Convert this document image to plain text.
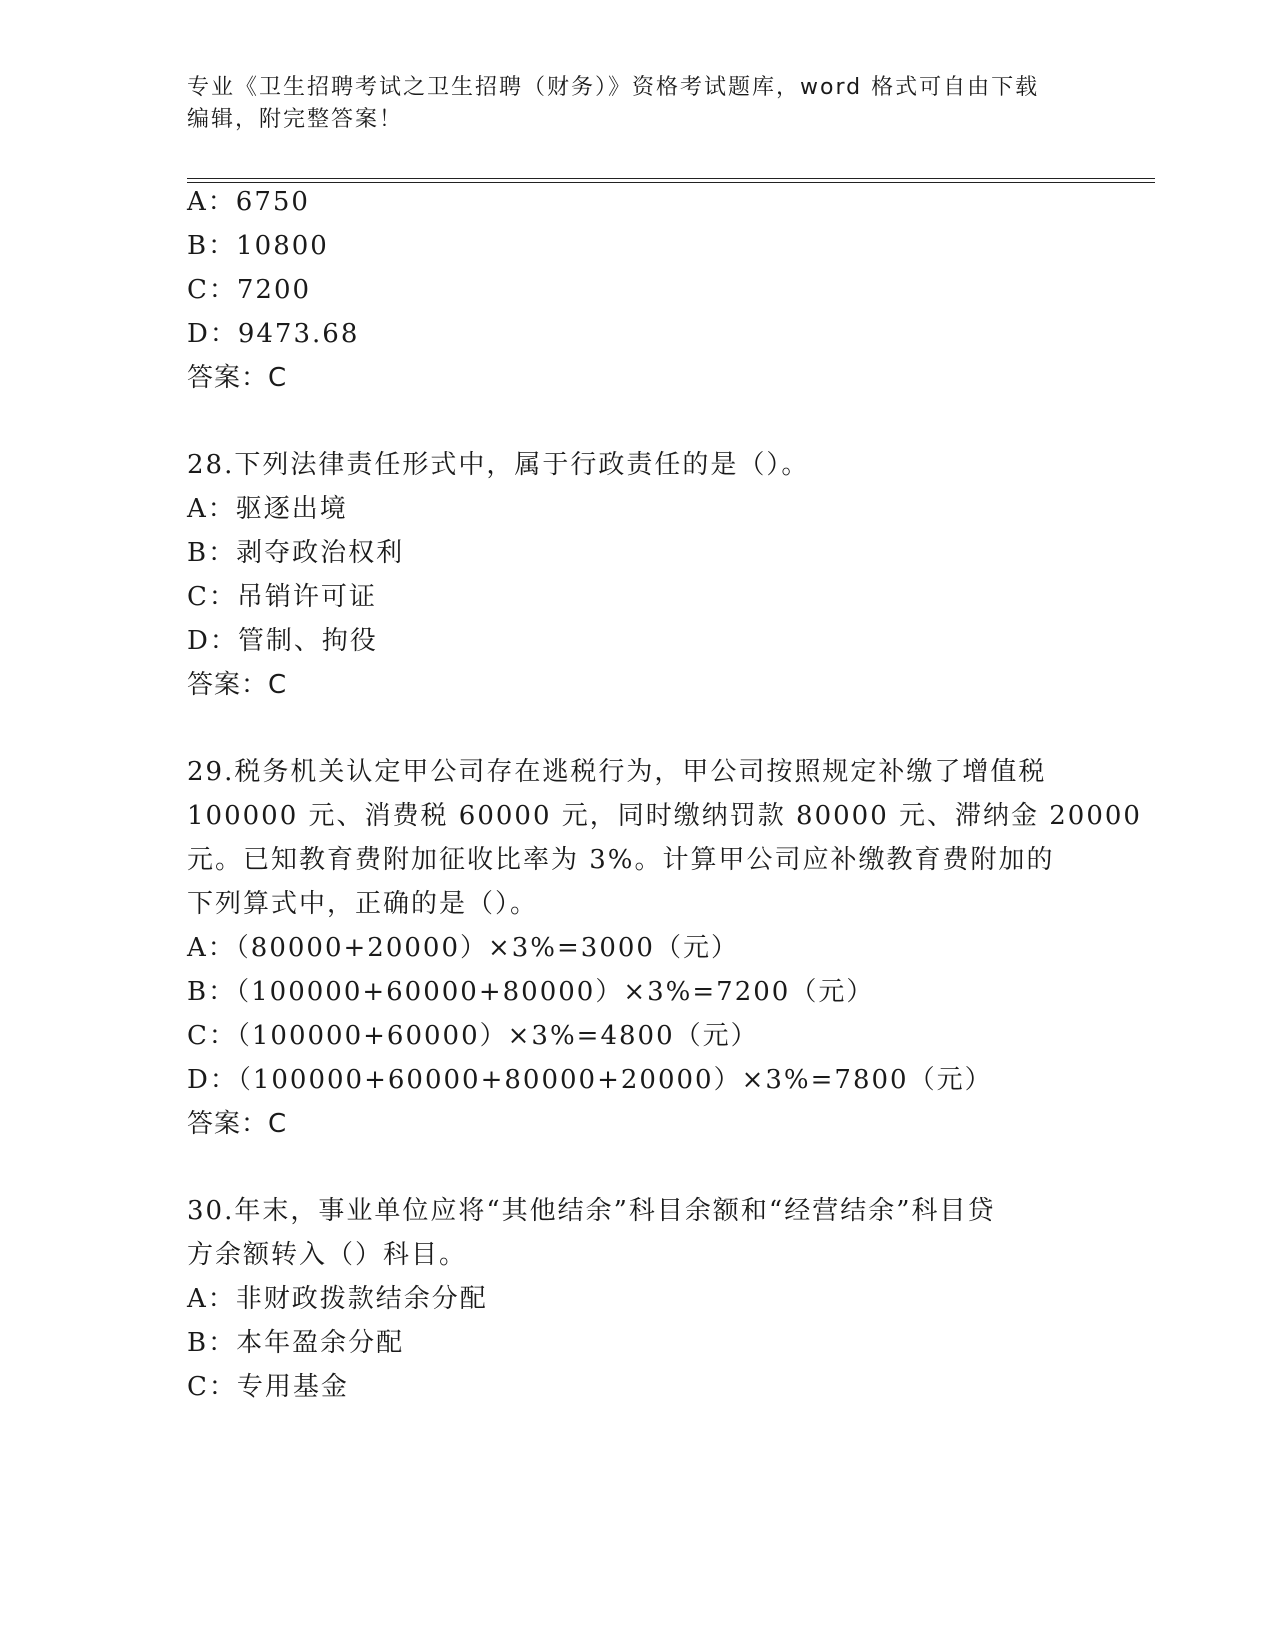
专业《卫生招聘考试之卫生招聘（财务）》资格考试题库，word 格式可自由下载
编辑，附完整答案！
A：6750
B：10800
C：7200
D：9473.68
答案：C
28.下列法律责任形式中，属于行政责任的是（）。
A：驱逐出境
B：剥夺政治权利
C：吊销许可证
D：管制、拘役
答案：C
29.税务机关认定甲公司存在逃税行为，甲公司按照规定补缴了增值税
100000 元、消费税 60000 元，同时缴纳罚款 80000 元、滞纳金 20000
元。已知教育费附加征收比率为 3%。计算甲公司应补缴教育费附加的
下列算式中，正确的是（）。
A：（80000+20000）×3%=3000（元）
B：（100000+60000+80000）×3%=7200（元）
C：（100000+60000）×3%=4800（元）
D：（100000+60000+80000+20000）×3%=7800（元）
答案：C
30.年末，事业单位应将“其他结余”科目余额和“经营结余”科目贷
方余额转入（）科目。
A：非财政拨款结余分配
B：本年盈余分配
C：专用基金
